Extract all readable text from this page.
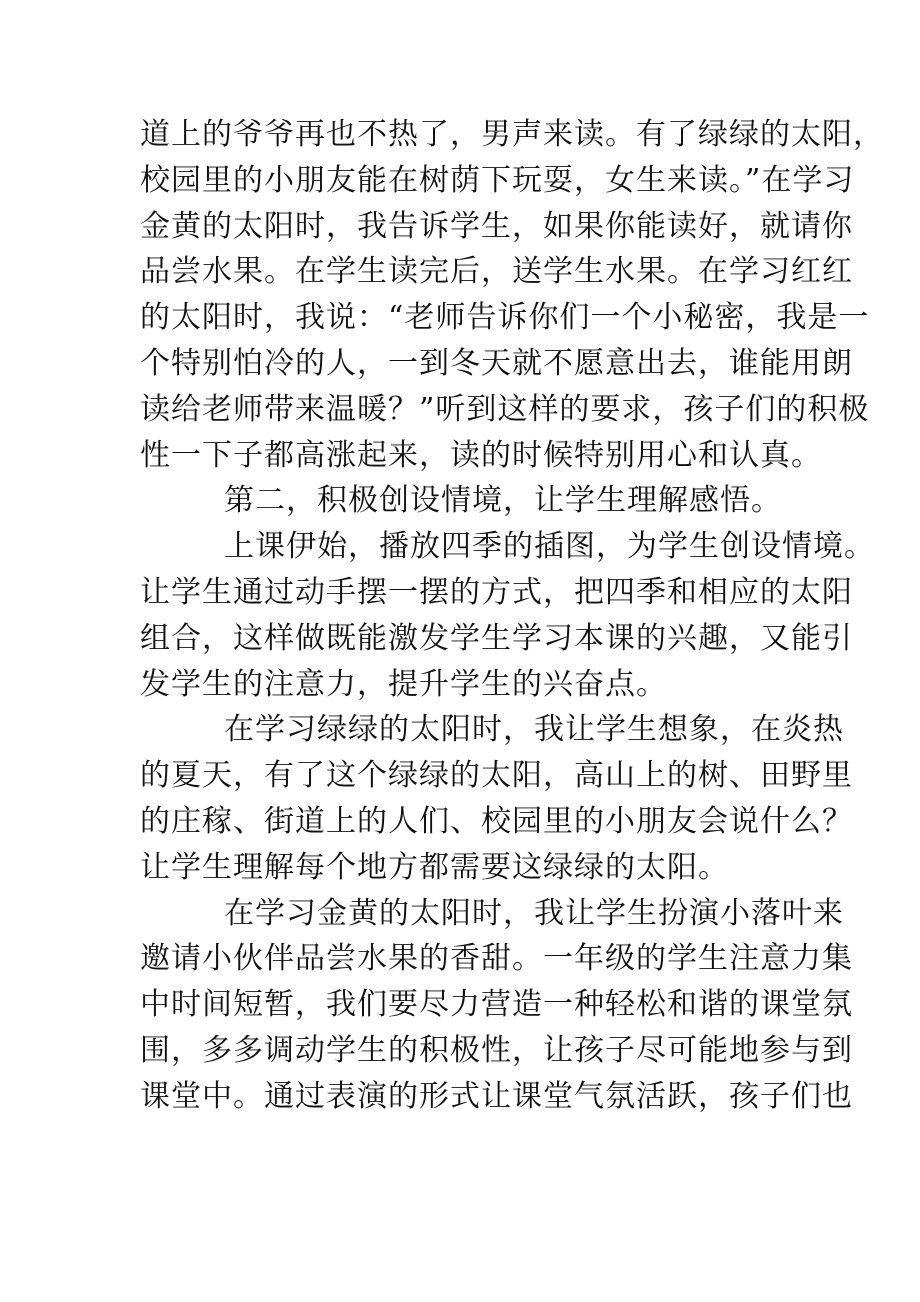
道上的爷爷再也不热了，男声来读。有了绿绿的太阳，
校园里的小朋友能在树荫下玩耍，女生来读。”在学习
金黄的太阳时，我告诉学生，如果你能读好，就请你
品尝水果。在学生读完后，送学生水果。在学习红红
的太阳时，我说：“老师告诉你们一个小秘密，我是一
个特别怕冷的人，一到冬天就不愿意出去，谁能用朗
读给老师带来温暖？”听到这样的要求，孩子们的积极
性一下子都高涨起来，读的时候特别用心和认真。

第二，积极创设情境，让学生理解感悟。

上课伊始，播放四季的插图，为学生创设情境。
让学生通过动手摆一摆的方式，把四季和相应的太阳
组合，这样做既能激发学生学习本课的兴趣，又能引
发学生的注意力，提升学生的兴奋点。

在学习绿绿的太阳时，我让学生想象，在炎热
的夏天，有了这个绿绿的太阳，高山上的树、田野里
的庄稼、街道上的人们、校园里的小朋友会说什么？
让学生理解每个地方都需要这绿绿的太阳。

在学习金黄的太阳时，我让学生扮演小落叶来
邀请小伙伴品尝水果的香甜。一年级的学生注意力集
中时间短暂，我们要尽力营造一种轻松和谐的课堂氛
围，多多调动学生的积极性，让孩子尽可能地参与到
课堂中。通过表演的形式让课堂气氛活跃，孩子们也
